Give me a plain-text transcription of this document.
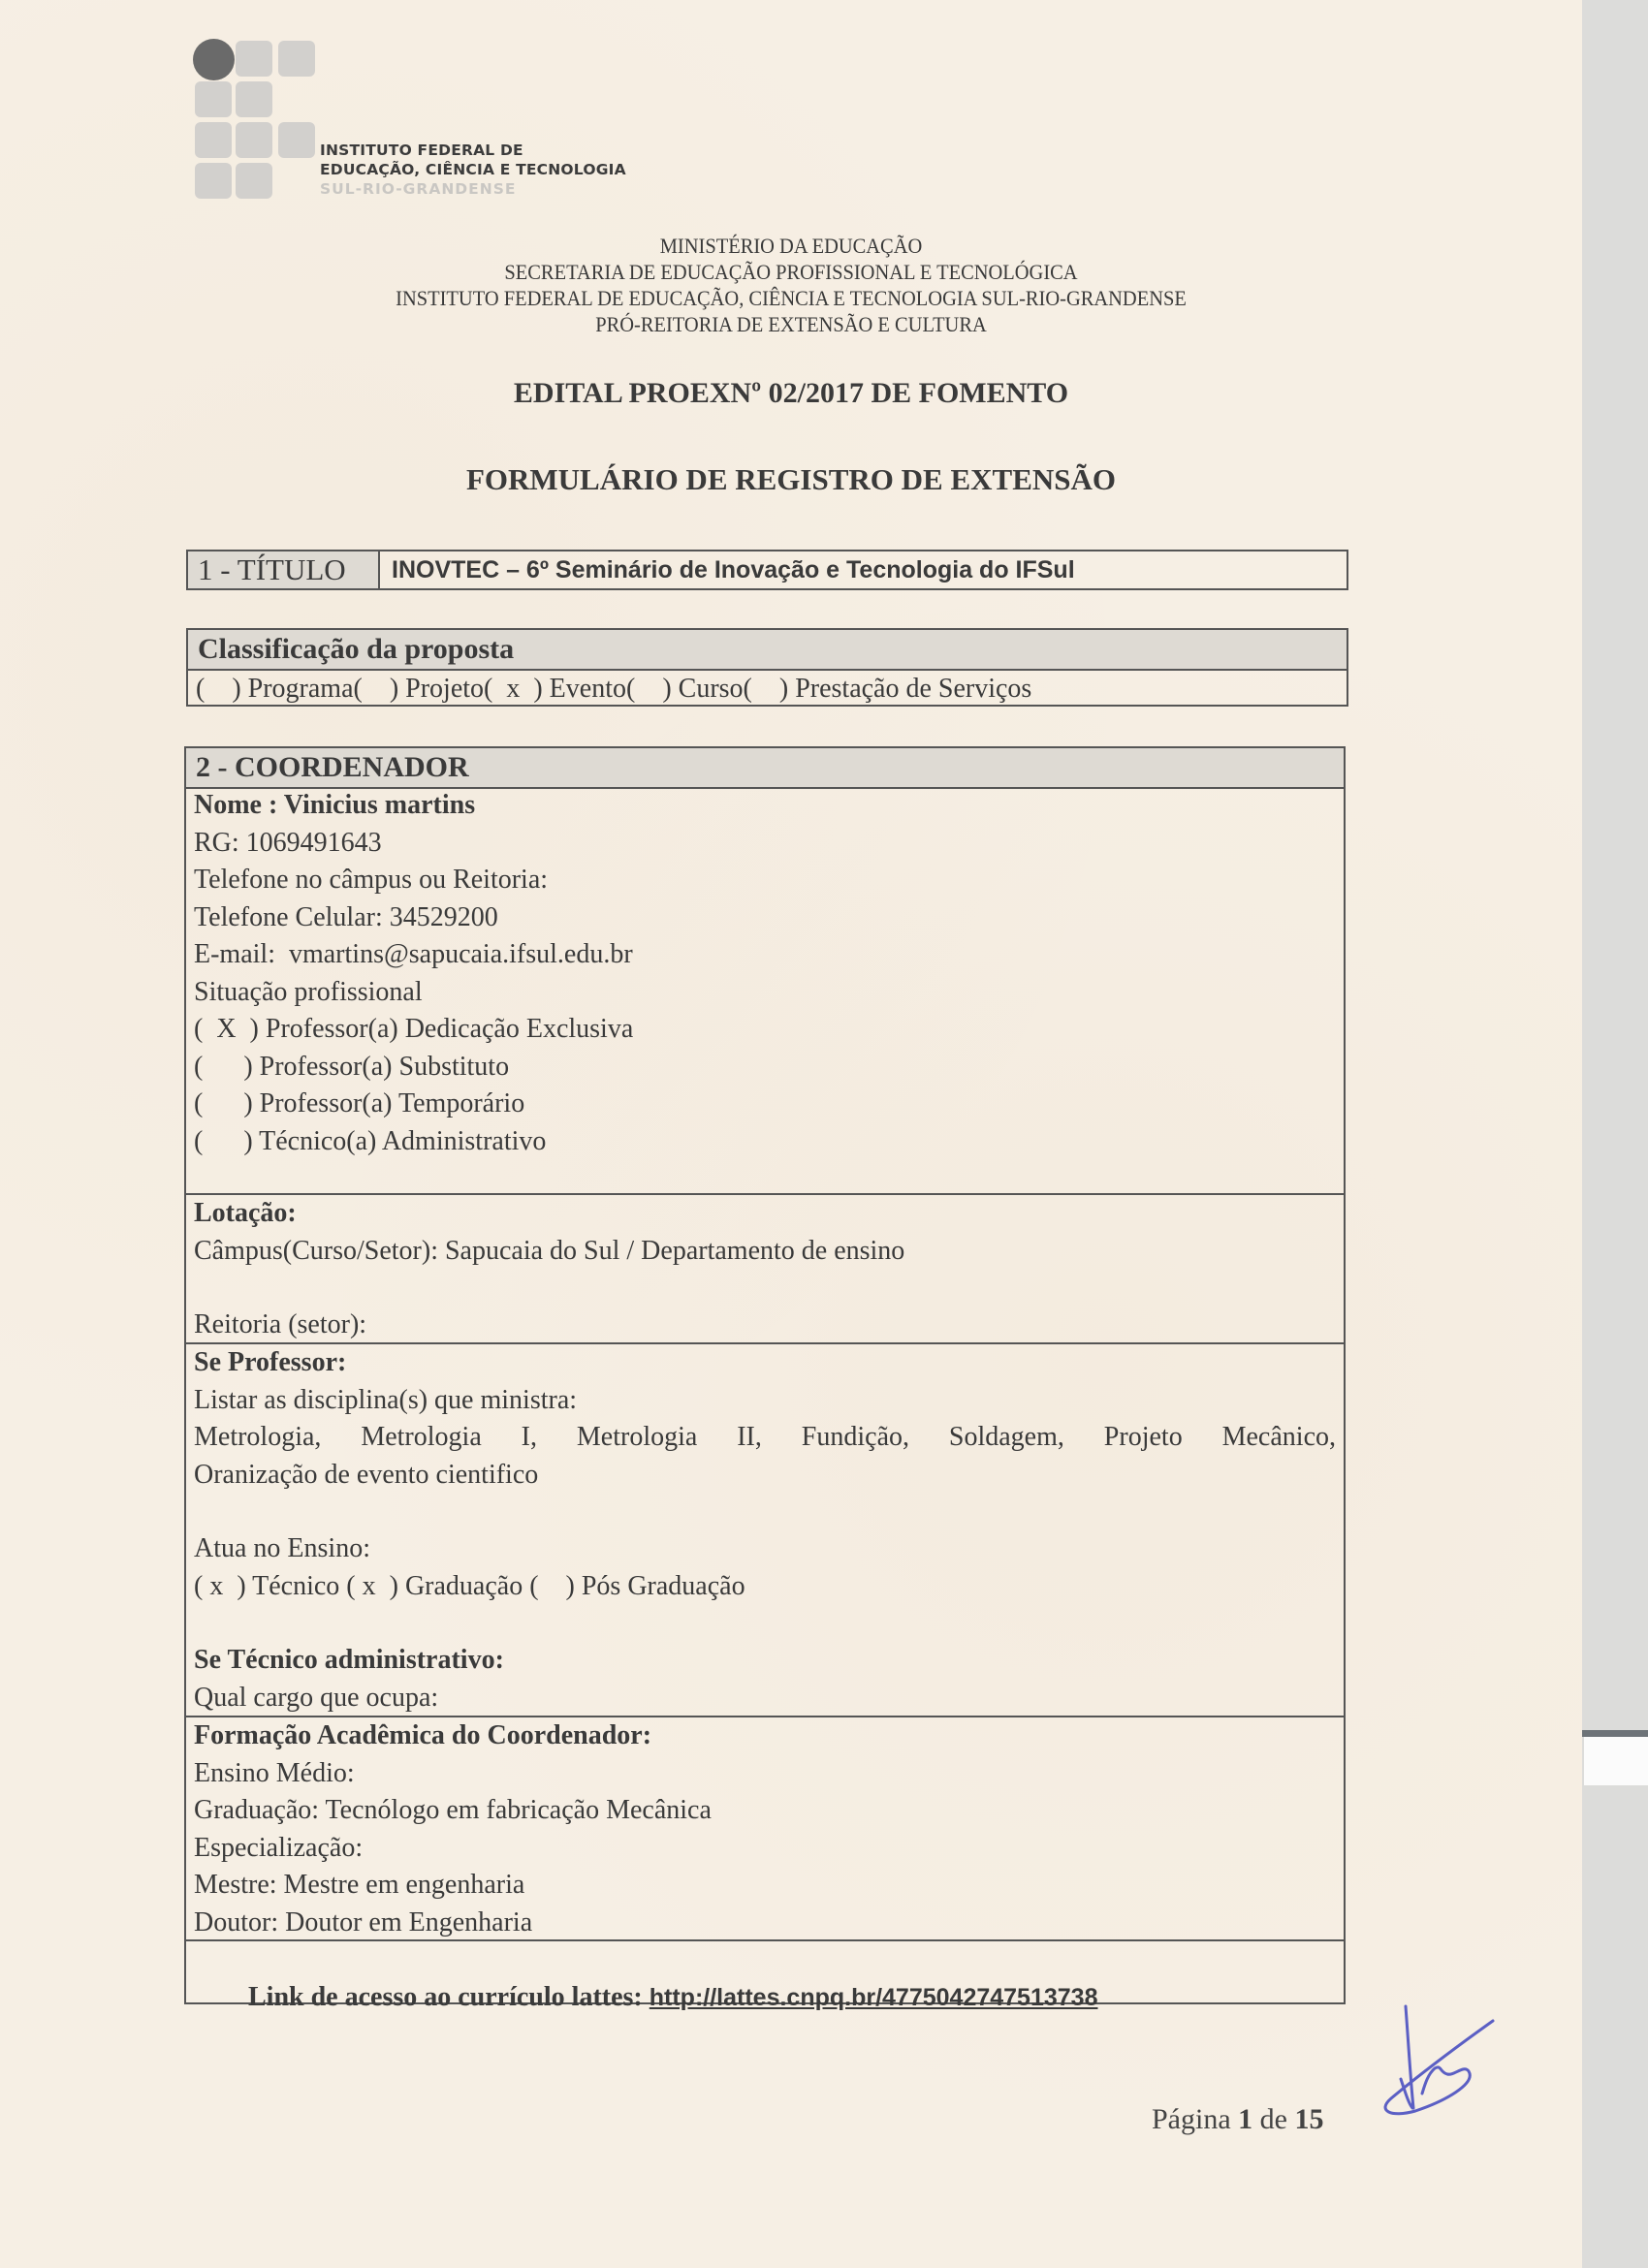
INSTITUTO FEDERAL DE
EDUCAÇÃO, CIÊNCIA E TECNOLOGIA
SUL-RIO-GRANDENSE
MINISTÉRIO DA EDUCAÇÃO
SECRETARIA DE EDUCAÇÃO PROFISSIONAL E TECNOLÓGICA
INSTITUTO FEDERAL DE EDUCAÇÃO, CIÊNCIA E TECNOLOGIA SUL-RIO-GRANDENSE
PRÓ-REITORIA DE EXTENSÃO E CULTURA
EDITAL PROEXNº 02/2017 DE FOMENTO
FORMULÁRIO DE REGISTRO DE EXTENSÃO
1 - TÍTULO	INOVTEC – 6º Seminário de Inovação e Tecnologia do IFSul
Classificação da proposta
(    ) Programa(    ) Projeto(  x  ) Evento(    ) Curso(    ) Prestação de Serviços
2 - COORDENADOR
Nome : Vinicius martins
RG: 1069491643
Telefone no câmpus ou Reitoria:
Telefone Celular: 34529200
E-mail:  vmartins@sapucaia.ifsul.edu.br
Situação profissional
(  X  ) Professor(a) Dedicação Exclusiva
(      ) Professor(a) Substituto
(      ) Professor(a) Temporário
(      ) Técnico(a) Administrativo
Lotação:
Câmpus(Curso/Setor): Sapucaia do Sul / Departamento de ensino
Reitoria (setor):
Se Professor:
Listar as disciplina(s) que ministra:
Metrologia, Metrologia I, Metrologia II, Fundição, Soldagem, Projeto Mecânico,
Oranização de evento cientifico
Atua no Ensino:
( x  ) Técnico ( x  ) Graduação (    ) Pós Graduação
Se Técnico administrativo:
Qual cargo que ocupa:
Formação Acadêmica do Coordenador:
Ensino Médio:
Graduação: Tecnólogo em fabricação Mecânica
Especialização:
Mestre: Mestre em engenharia
Doutor: Doutor em Engenharia

Link de acesso ao currículo lattes: http://lattes.cnpq.br/4775042747513738

Página 1 de 15
